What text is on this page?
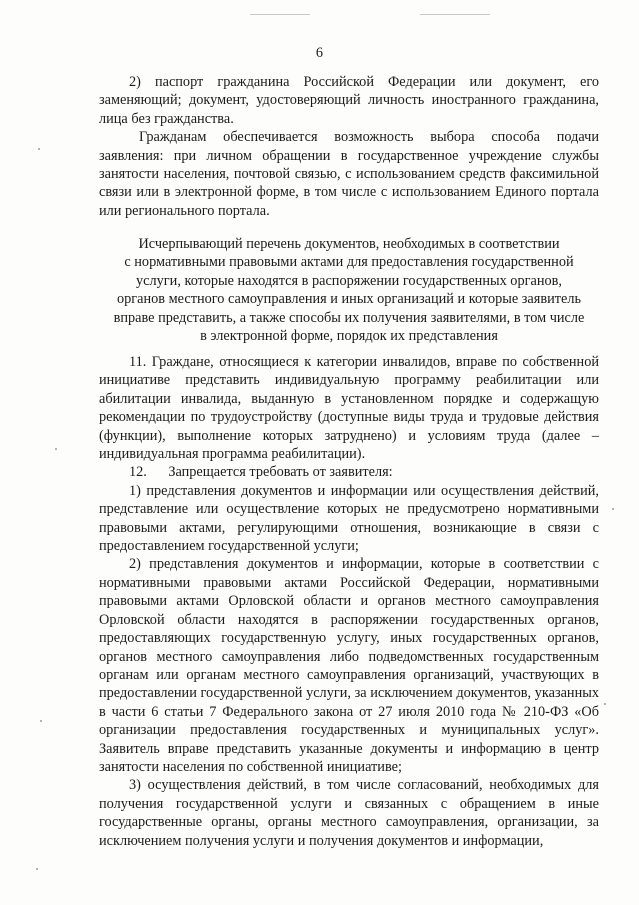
6

2) паспорт гражданина Российской Федерации или документ, его заменяющий; документ, удостоверяющий личность иностранного гражданина, лица без гражданства.

Гражданам обеспечивается возможность выбора способа подачи заявления: при личном обращении в государственное учреждение службы занятости населения, почтовой связью, с использованием средств факсимильной связи или в электронной форме, в том числе с использованием Единого портала или регионального портала.

Исчерпывающий перечень документов, необходимых в соответствии
с нормативными правовыми актами для предоставления государственной
услуги, которые находятся в распоряжении государственных органов,
органов местного самоуправления и иных организаций и которые заявитель
вправе представить, а также способы их получения заявителями, в том числе
в электронной форме, порядок их представления

11. Граждане, относящиеся к категории инвалидов, вправе по собственной инициативе представить индивидуальную программу реабилитации или абилитации инвалида, выданную в установленном порядке и содержащую рекомендации по трудоустройству (доступные виды труда и трудовые действия (функции), выполнение которых затруднено) и условиям труда (далее – индивидуальная программа реабилитации).

12.      Запрещается требовать от заявителя:

1) представления документов и информации или осуществления действий, представление или осуществление которых не предусмотрено нормативными правовыми актами, регулирующими отношения, возникающие в связи с предоставлением государственной услуги;

2) представления документов и информации, которые в соответствии с нормативными правовыми актами Российской Федерации, нормативными правовыми актами Орловской области и органов местного самоуправления Орловской области находятся в распоряжении государственных органов, предоставляющих государственную услугу, иных государственных органов, органов местного самоуправления либо подведомственных государственным органам или органам местного самоуправления организаций, участвующих в предоставлении государственной услуги, за исключением документов, указанных в части 6 статьи 7 Федерального закона от 27 июля 2010 года № 210-ФЗ «Об организации предоставления государственных и муниципальных услуг». Заявитель вправе представить указанные документы и информацию в центр занятости населения по собственной инициативе;

3) осуществления действий, в том числе согласований, необходимых для получения государственной услуги и связанных с обращением в иные государственные органы, органы местного самоуправления, организации, за исключением получения услуги и получения документов и информации,
